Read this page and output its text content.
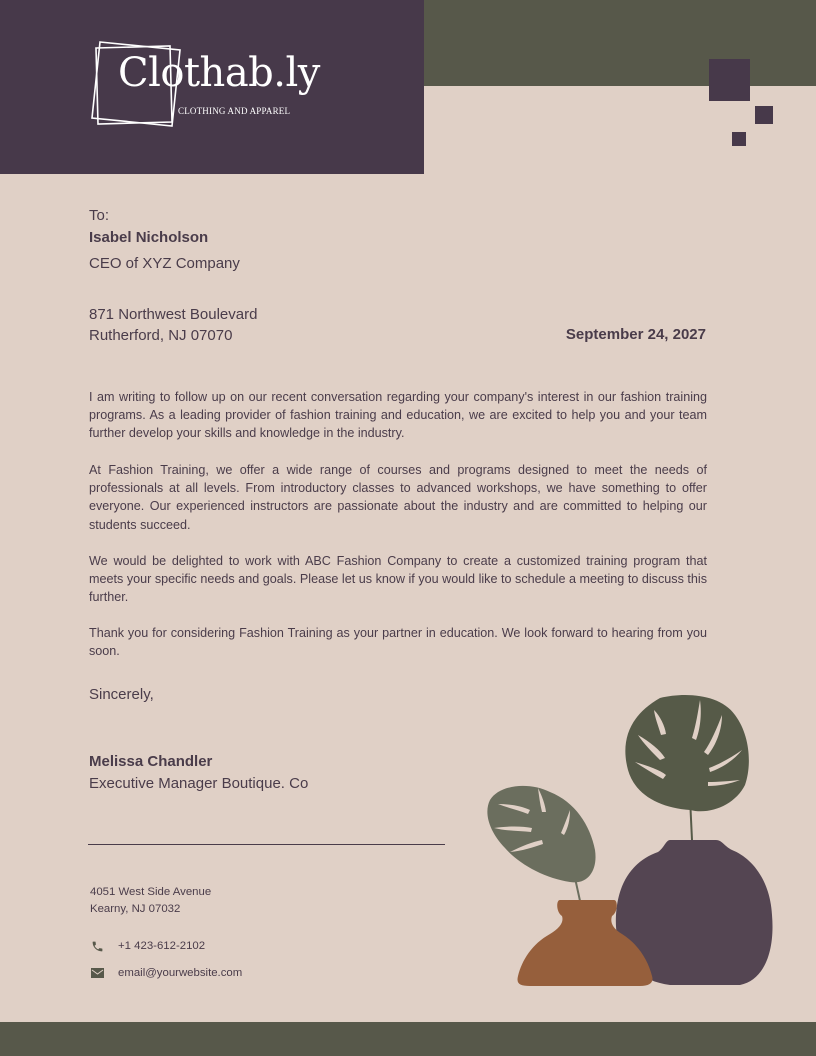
Clothab.ly
CLOTHING AND APPAREL
To:
Isabel Nicholson
CEO of XYZ Company
871 Northwest Boulevard
Rutherford, NJ 07070	September 24, 2027

I am writing to follow up on our recent conversation regarding your company's interest in our fashion training programs. As a leading provider of fashion training and education, we are excited to help you and your team further develop your skills and knowledge in the industry.

At Fashion Training, we offer a wide range of courses and programs designed to meet the needs of professionals at all levels. From introductory classes to advanced workshops, we have something to offer everyone. Our experienced instructors are passionate about the industry and are committed to helping our students succeed.

We would be delighted to work with ABC Fashion Company to create a customized training program that meets your specific needs and goals. Please let us know if you would like to schedule a meeting to discuss this further.

Thank you for considering Fashion Training as your partner in education. We look forward to hearing from you soon.

Sincerely,
Melissa Chandler
Executive Manager Boutique. Co
4051 West Side Avenue
Kearny, NJ 07032
+1 423-612-2102
email@yourwebsite.com
